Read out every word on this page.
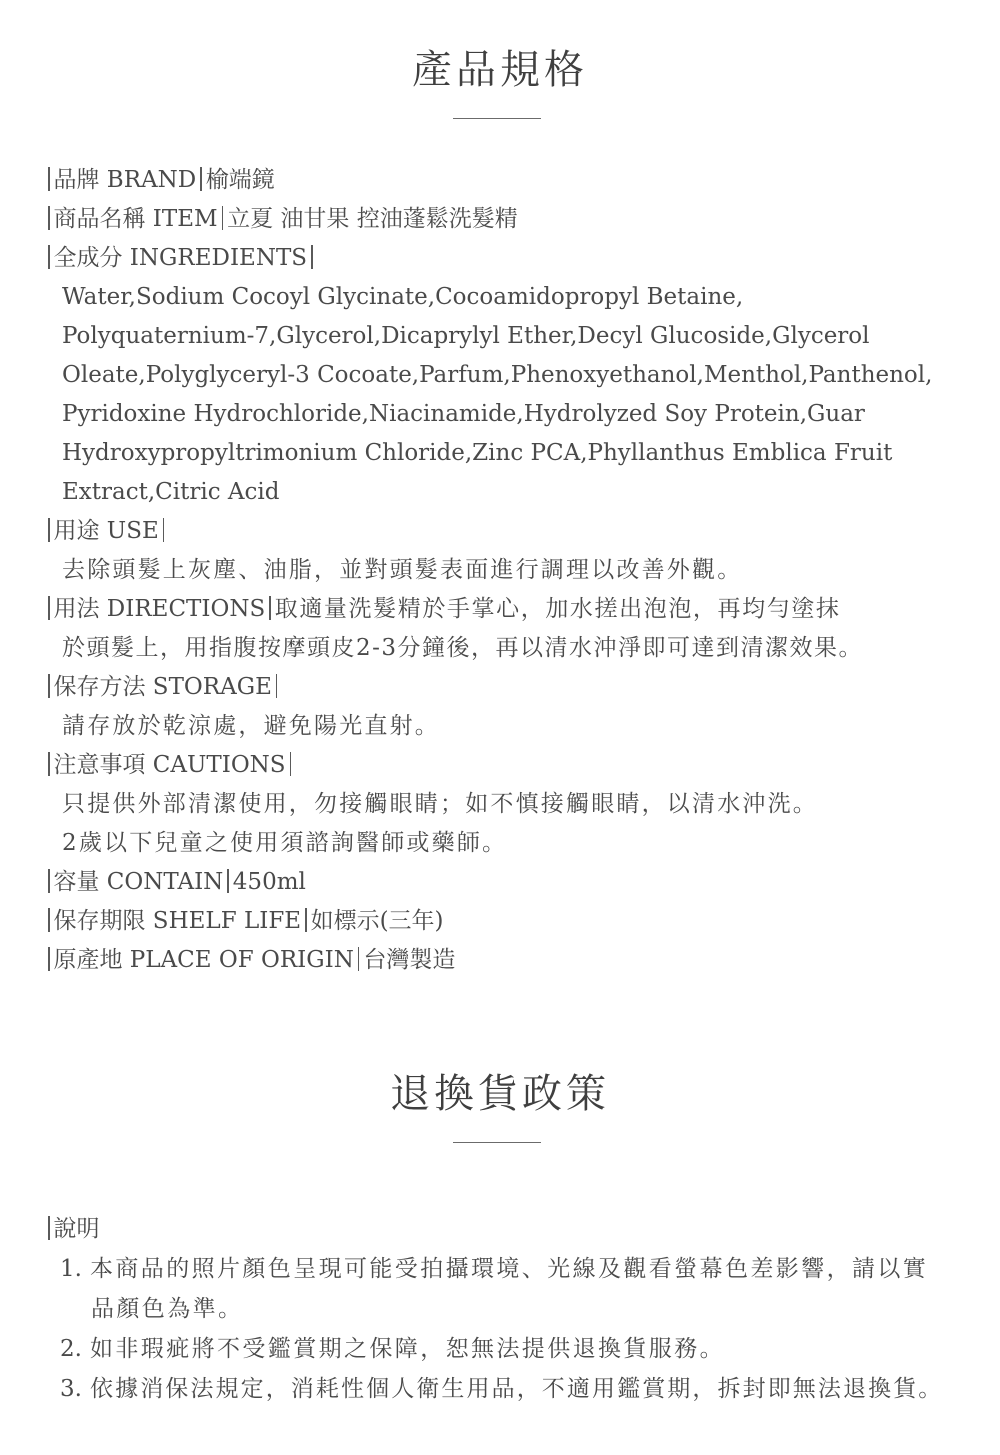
產品規格
品牌 BRAND 榆端鏡
商品名稱 ITEM 立夏 油甘果 控油蓬鬆洗髮精
全成分 INGREDIENTS
Water,Sodium Cocoyl Glycinate,Cocoamidopropyl Betaine,
Polyquaternium-7,Glycerol,Dicaprylyl Ether,Decyl Glucoside,Glycerol
Oleate,Polyglyceryl-3 Cocoate,Parfum,Phenoxyethanol,Menthol,Panthenol,
Pyridoxine Hydrochloride,Niacinamide,Hydrolyzed Soy Protein,Guar
Hydroxypropyltrimonium Chloride,Zinc PCA,Phyllanthus Emblica Fruit
Extract,Citric Acid
用途 USE
去除頭髮上灰塵、油脂，並對頭髮表面進行調理以改善外觀。
用法 DIRECTIONS 取適量洗髮精於手掌心，加水搓出泡泡，再均勻塗抹
於頭髮上，用指腹按摩頭皮2-3分鐘後，再以清水沖淨即可達到清潔效果。
保存方法 STORAGE
請存放於乾涼處，避免陽光直射。
注意事項 CAUTIONS
只提供外部清潔使用，勿接觸眼睛；如不慎接觸眼睛，以清水沖洗。
2歲以下兒童之使用須諮詢醫師或藥師。
容量 CONTAIN 450ml
保存期限 SHELF LIFE 如標示(三年)
原產地 PLACE OF ORIGIN 台灣製造
退換貨政策
說明
1. 本商品的照片顏色呈現可能受拍攝環境、光線及觀看螢幕色差影響，請以實
品顏色為準。
2. 如非瑕疵將不受鑑賞期之保障，恕無法提供退換貨服務。
3. 依據消保法規定，消耗性個人衛生用品，不適用鑑賞期，拆封即無法退換貨。
